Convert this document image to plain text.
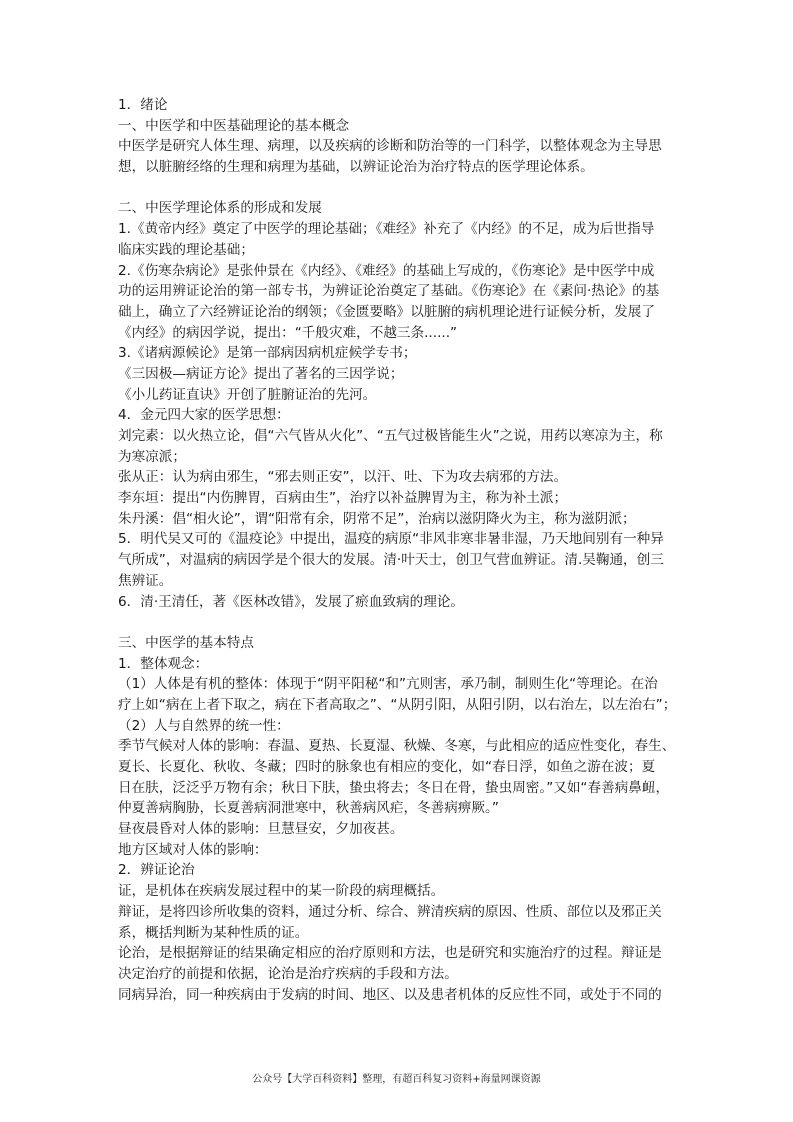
1．绪论
一、中医学和中医基础理论的基本概念
中医学是研究人体生理、病理，以及疾病的诊断和防治等的一门科学，以整体观念为主导思
想，以脏腑经络的生理和病理为基础，以辨证论治为治疗特点的医学理论体系。
二、中医学理论体系的形成和发展
1.《黄帝内经》奠定了中医学的理论基础；《难经》补充了《内经》的不足，成为后世指导
临床实践的理论基础；
2.《伤寒杂病论》是张仲景在《内经》、《难经》的基础上写成的，《伤寒论》是中医学中成
功的运用辨证论治的第一部专书，为辨证论治奠定了基础。《伤寒论》在《素问·热论》的基
础上，确立了六经辨证论治的纲领；《金匮要略》以脏腑的病机理论进行证候分析，发展了
《内经》的病因学说，提出：“千般灾难，不越三条......”
3.《诸病源候论》是第一部病因病机症候学专书；
《三因极—病证方论》提出了著名的三因学说；
《小儿药证直诀》开创了脏腑证治的先河。
4．金元四大家的医学思想：
刘完素：以火热立论，倡“六气皆从火化”、“五气过极皆能生火”之说，用药以寒凉为主，称
为寒凉派；
张从正：认为病由邪生，“邪去则正安”，以汗、吐、下为攻去病邪的方法。
李东垣：提出“内伤脾胃，百病由生”，治疗以补益脾胃为主，称为补土派；
朱丹溪：倡“相火论”，谓“阳常有余，阴常不足”，治病以滋阴降火为主，称为滋阴派；
5．明代吴又可的《温疫论》中提出，温疫的病原“非风非寒非暑非湿，乃天地间别有一种异
气所成”，对温病的病因学是个很大的发展。清·叶天士，创卫气营血辨证。清.吴鞠通，创三
焦辨证。
6．清·王清任，著《医林改错》，发展了瘀血致病的理论。
三、中医学的基本特点
1．整体观念：
（1）人体是有机的整体：体现于“阴平阳秘“和”亢则害，承乃制，制则生化“等理论。在治
疗上如“病在上者下取之，病在下者高取之”、“从阴引阳，从阳引阴，以右治左，以左治右”；
（2）人与自然界的统一性：
季节气候对人体的影响：春温、夏热、长夏湿、秋燥、冬寒，与此相应的适应性变化，春生、
夏长、长夏化、秋收、冬藏；四时的脉象也有相应的变化，如“春日浮，如鱼之游在波；夏
日在肤，泛泛乎万物有余；秋日下肤，蛰虫将去；冬日在骨，蛰虫周密。”又如“春善病鼻衄，
仲夏善病胸胁，长夏善病洞泄寒中，秋善病风疟，冬善病痹厥。”
昼夜晨昏对人体的影响：旦慧昼安，夕加夜甚。
地方区域对人体的影响：
2．辨证论治
证，是机体在疾病发展过程中的某一阶段的病理概括。
辩证，是将四诊所收集的资料，通过分析、综合、辨清疾病的原因、性质、部位以及邪正关
系，概括判断为某种性质的证。
论治，是根据辩证的结果确定相应的治疗原则和方法，也是研究和实施治疗的过程。辩证是
决定治疗的前提和依据，论治是治疗疾病的手段和方法。
同病异治，同一种疾病由于发病的时间、地区、以及患者机体的反应性不同，或处于不同的
公众号【大学百科资料】整理，有超百科复习资料+海量网课资源
